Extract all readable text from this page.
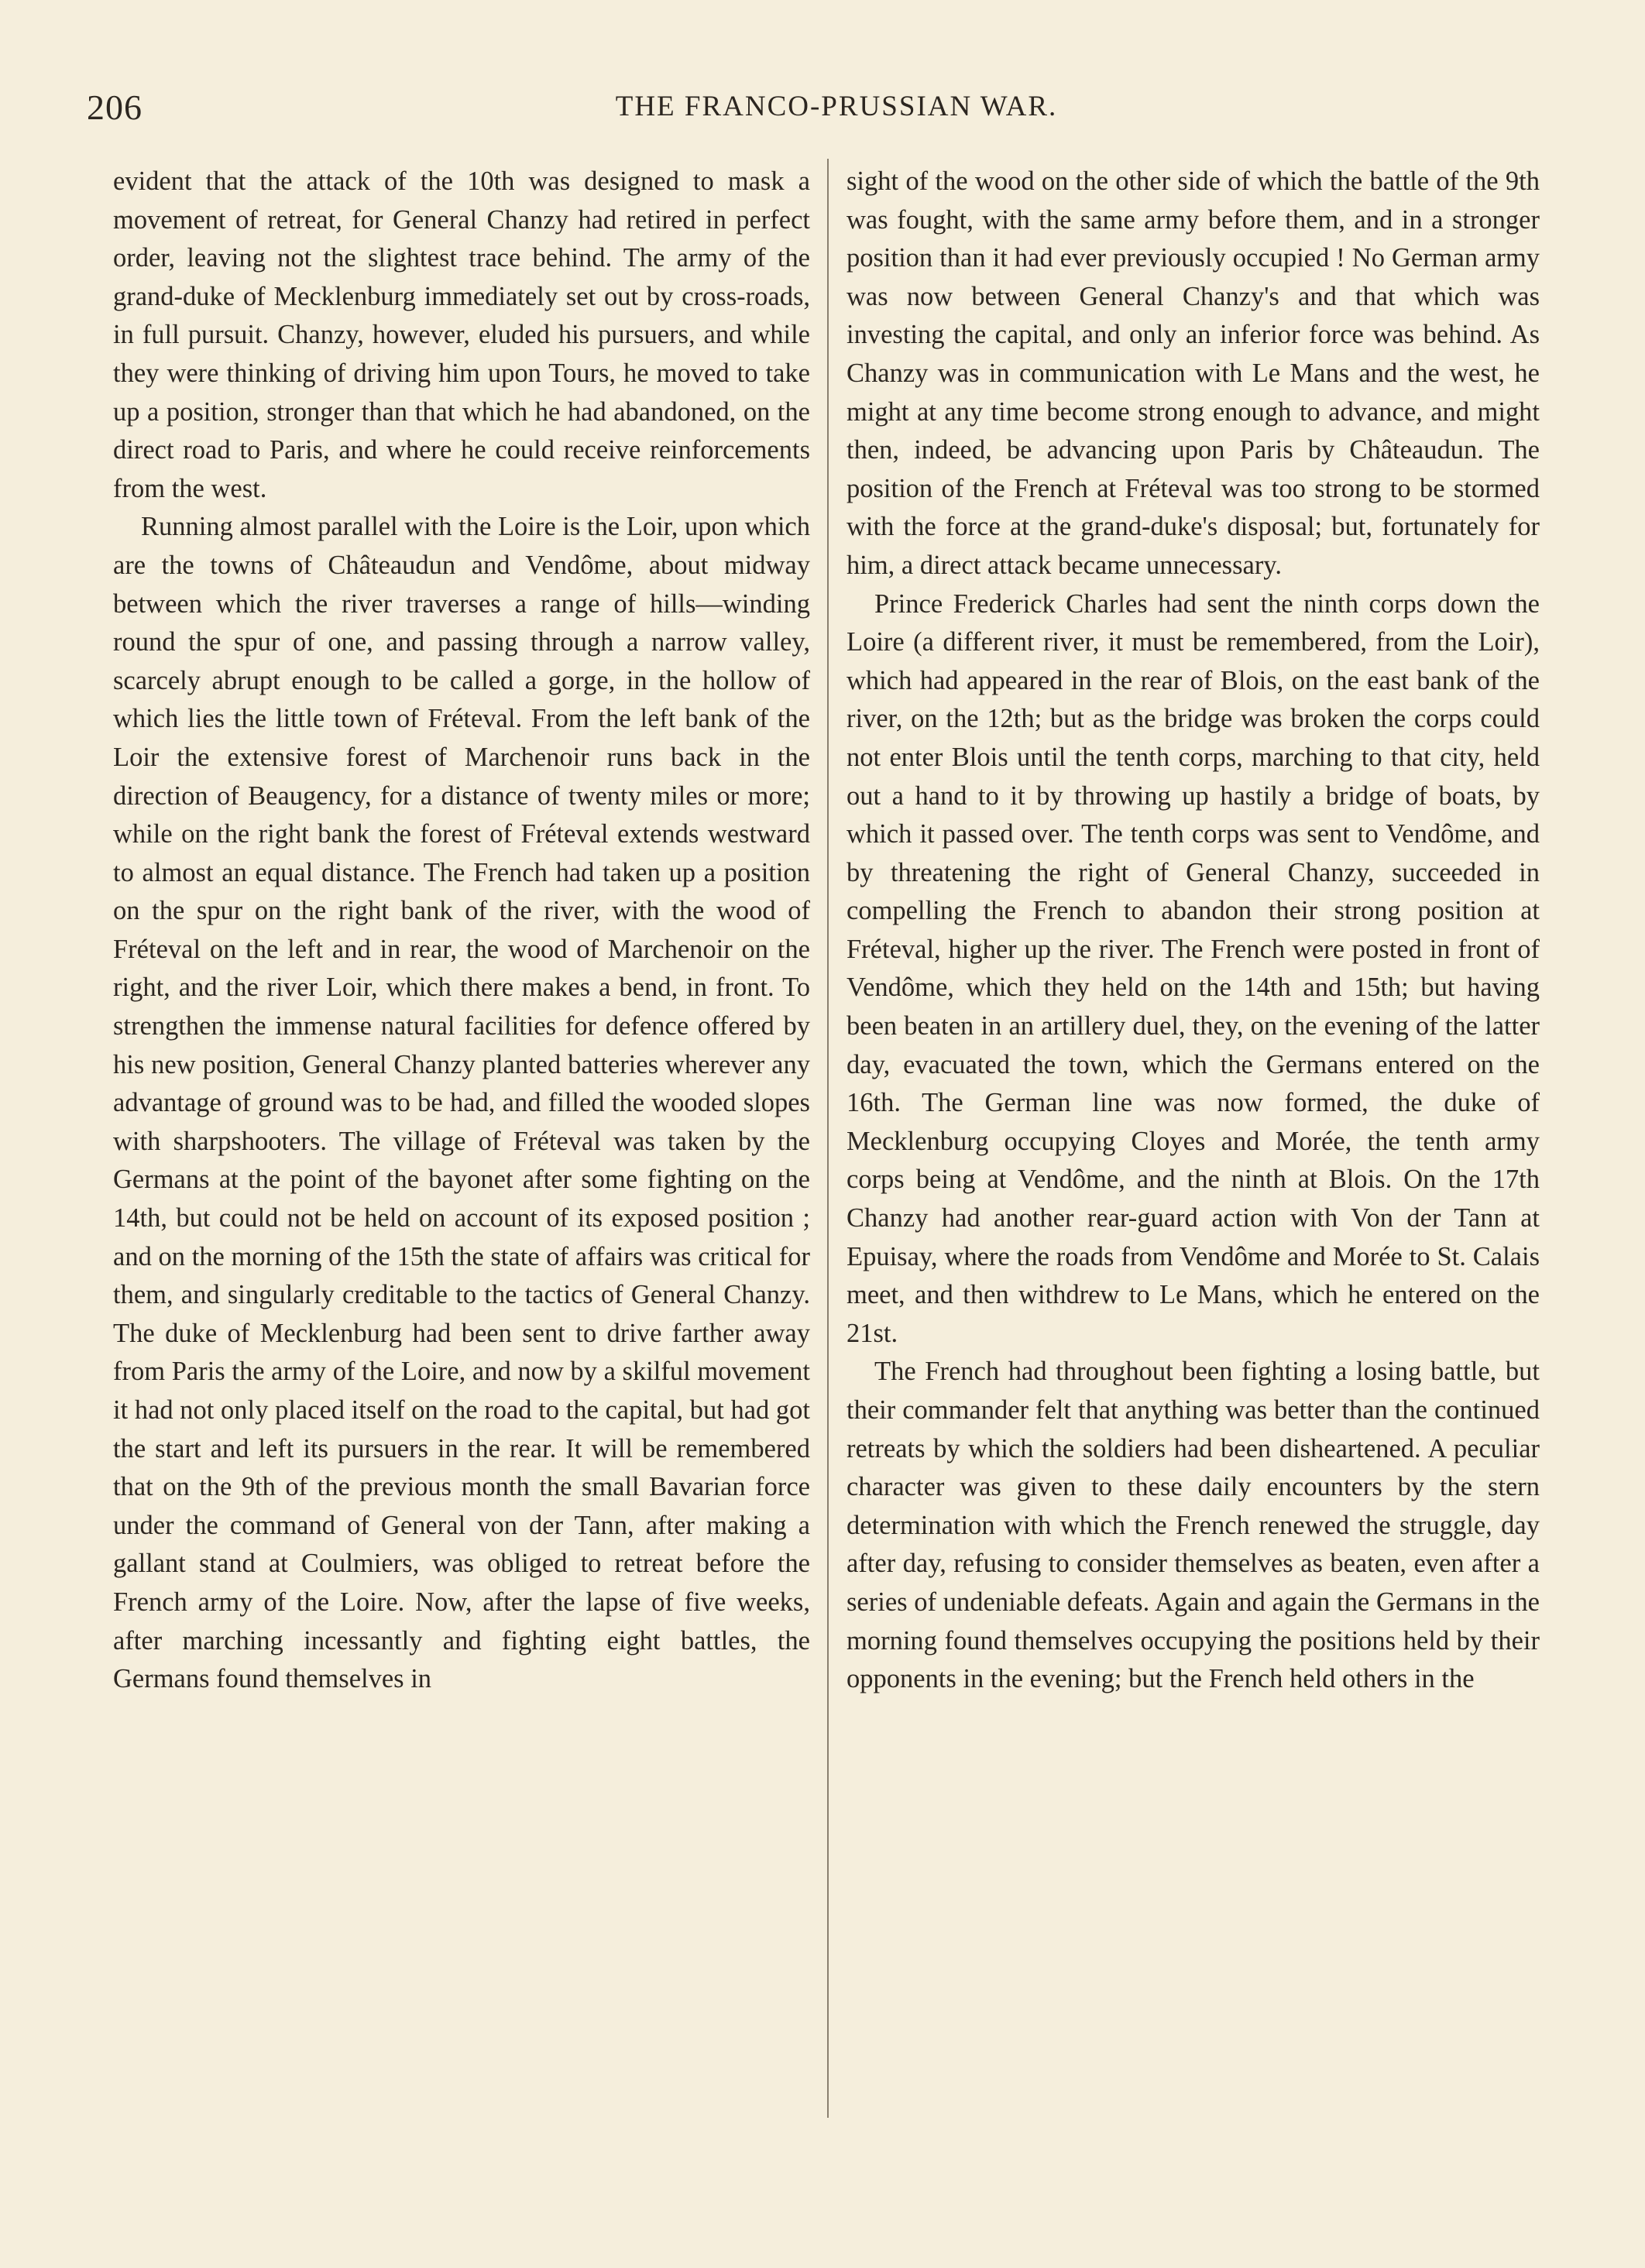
206	THE FRANCO-PRUSSIAN WAR.

evident that the attack of the 10th was designed to mask a movement of retreat, for General Chanzy had retired in perfect order, leaving not the slightest trace behind. The army of the grand-duke of Mecklenburg immediately set out by cross-roads, in full pursuit. Chanzy, however, eluded his pursuers, and while they were thinking of driving him upon Tours, he moved to take up a position, stronger than that which he had abandoned, on the direct road to Paris, and where he could receive reinforcements from the west.

Running almost parallel with the Loire is the Loir, upon which are the towns of Châteaudun and Vendôme, about midway between which the river traverses a range of hills—winding round the spur of one, and passing through a narrow valley, scarcely abrupt enough to be called a gorge, in the hollow of which lies the little town of Fréteval. From the left bank of the Loir the extensive forest of Marchenoir runs back in the direction of Beaugency, for a distance of twenty miles or more; while on the right bank the forest of Fréteval extends westward to almost an equal distance. The French had taken up a position on the spur on the right bank of the river, with the wood of Fréteval on the left and in rear, the wood of Marchenoir on the right, and the river Loir, which there makes a bend, in front. To strengthen the immense natural facilities for defence offered by his new position, General Chanzy planted batteries wherever any advantage of ground was to be had, and filled the wooded slopes with sharpshooters. The village of Fréteval was taken by the Germans at the point of the bayonet after some fighting on the 14th, but could not be held on account of its exposed position ; and on the morning of the 15th the state of affairs was critical for them, and singularly creditable to the tactics of General Chanzy. The duke of Mecklenburg had been sent to drive farther away from Paris the army of the Loire, and now by a skilful movement it had not only placed itself on the road to the capital, but had got the start and left its pursuers in the rear. It will be remembered that on the 9th of the previous month the small Bavarian force under the command of General von der Tann, after making a gallant stand at Coulmiers, was obliged to retreat before the French army of the Loire. Now, after the lapse of five weeks, after marching incessantly and fighting eight battles, the Germans found themselves in

sight of the wood on the other side of which the battle of the 9th was fought, with the same army before them, and in a stronger position than it had ever previously occupied ! No German army was now between General Chanzy's and that which was investing the capital, and only an inferior force was behind. As Chanzy was in communication with Le Mans and the west, he might at any time become strong enough to advance, and might then, indeed, be advancing upon Paris by Châteaudun. The position of the French at Fréteval was too strong to be stormed with the force at the grand-duke's disposal; but, fortunately for him, a direct attack became unnecessary.

Prince Frederick Charles had sent the ninth corps down the Loire (a different river, it must be remembered, from the Loir), which had appeared in the rear of Blois, on the east bank of the river, on the 12th; but as the bridge was broken the corps could not enter Blois until the tenth corps, marching to that city, held out a hand to it by throwing up hastily a bridge of boats, by which it passed over. The tenth corps was sent to Vendôme, and by threatening the right of General Chanzy, succeeded in compelling the French to abandon their strong position at Fréteval, higher up the river. The French were posted in front of Vendôme, which they held on the 14th and 15th; but having been beaten in an artillery duel, they, on the evening of the latter day, evacuated the town, which the Germans entered on the 16th. The German line was now formed, the duke of Mecklenburg occupying Cloyes and Morée, the tenth army corps being at Vendôme, and the ninth at Blois. On the 17th Chanzy had another rear-guard action with Von der Tann at Epuisay, where the roads from Vendôme and Morée to St. Calais meet, and then withdrew to Le Mans, which he entered on the 21st.

The French had throughout been fighting a losing battle, but their commander felt that anything was better than the continued retreats by which the soldiers had been disheartened. A peculiar character was given to these daily encounters by the stern determination with which the French renewed the struggle, day after day, refusing to consider themselves as beaten, even after a series of undeniable defeats. Again and again the Germans in the morning found themselves occupying the positions held by their opponents in the evening; but the French held others in the
